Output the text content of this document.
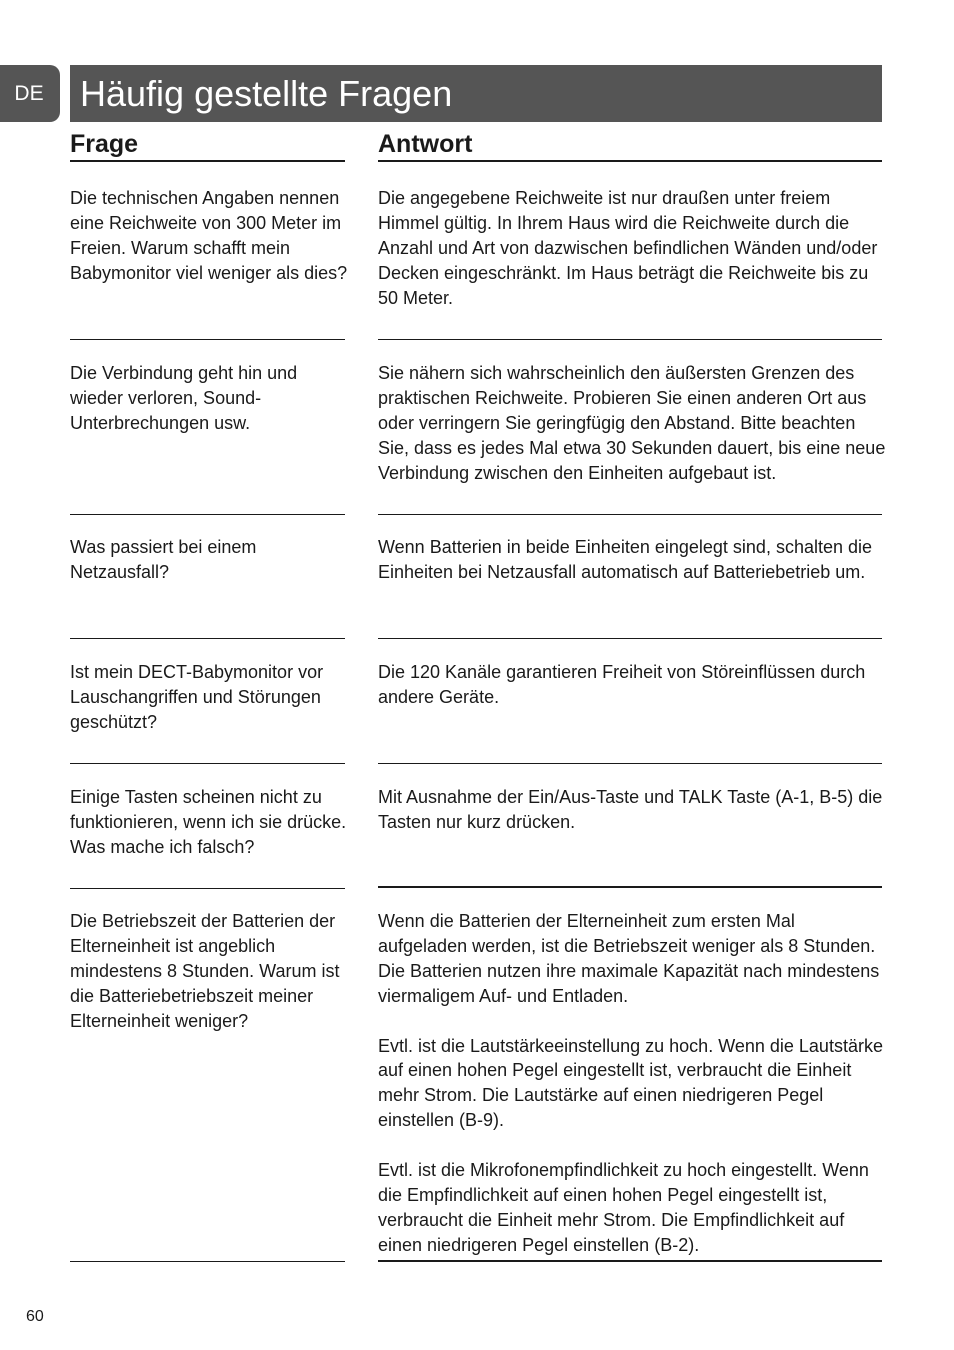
DE	Häufig gestellte Fragen
Frage	Antwort
Die technischen Angaben nennen eine Reichweite von 300 Meter im Freien. Warum schafft mein Babymonitor viel weniger als dies?

Die angegebene Reichweite ist nur draußen unter freiem Himmel gültig. In Ihrem Haus wird die Reichweite durch die Anzahl und Art von dazwischen befindlichen Wänden und/oder Decken eingeschränkt. Im Haus beträgt die Reichweite bis zu 50 Meter.

Die Verbindung geht hin und wieder verloren, Sound-Unterbrechungen usw.

Sie nähern sich wahrscheinlich den äußersten Grenzen des praktischen Reichweite. Probieren Sie einen anderen Ort aus oder verringern Sie geringfügig den Abstand. Bitte beachten Sie, dass es jedes Mal etwa 30 Sekunden dauert, bis eine neue Verbindung zwischen den Einheiten aufgebaut ist.

Was passiert bei einem Netzausfall?

Wenn Batterien in beide Einheiten eingelegt sind, schalten die Einheiten bei Netzausfall automatisch auf Batteriebetrieb um.

Ist mein DECT-Babymonitor vor Lauschangriffen und Störungen geschützt?

Die 120 Kanäle garantieren Freiheit von Störeinflüssen durch andere Geräte.

Einige Tasten scheinen nicht zu funktionieren, wenn ich sie drücke. Was mache ich falsch?

Mit Ausnahme der Ein/Aus-Taste und TALK Taste (A-1, B-5) die Tasten nur kurz drücken.

Die Betriebszeit der Batterien der Elterneinheit ist angeblich mindestens 8 Stunden. Warum ist die Batteriebetriebszeit meiner Elterneinheit weniger?

Wenn die Batterien der Elterneinheit zum ersten Mal aufgeladen werden, ist die Betriebszeit weniger als 8 Stunden. Die Batterien nutzen ihre maximale Kapazität nach mindestens viermaligem Auf- und Entladen.

Evtl. ist die Lautstärkeeinstellung zu hoch. Wenn die Lautstärke auf einen hohen Pegel eingestellt ist, verbraucht die Einheit mehr Strom. Die Lautstärke auf einen niedrigeren Pegel einstellen (B-9).

Evtl. ist die Mikrofonempfindlichkeit zu hoch eingestellt. Wenn die Empfindlichkeit auf einen hohen Pegel eingestellt ist, verbraucht die Einheit mehr Strom. Die Empfindlichkeit auf einen niedrigeren Pegel einstellen (B-2).

60
